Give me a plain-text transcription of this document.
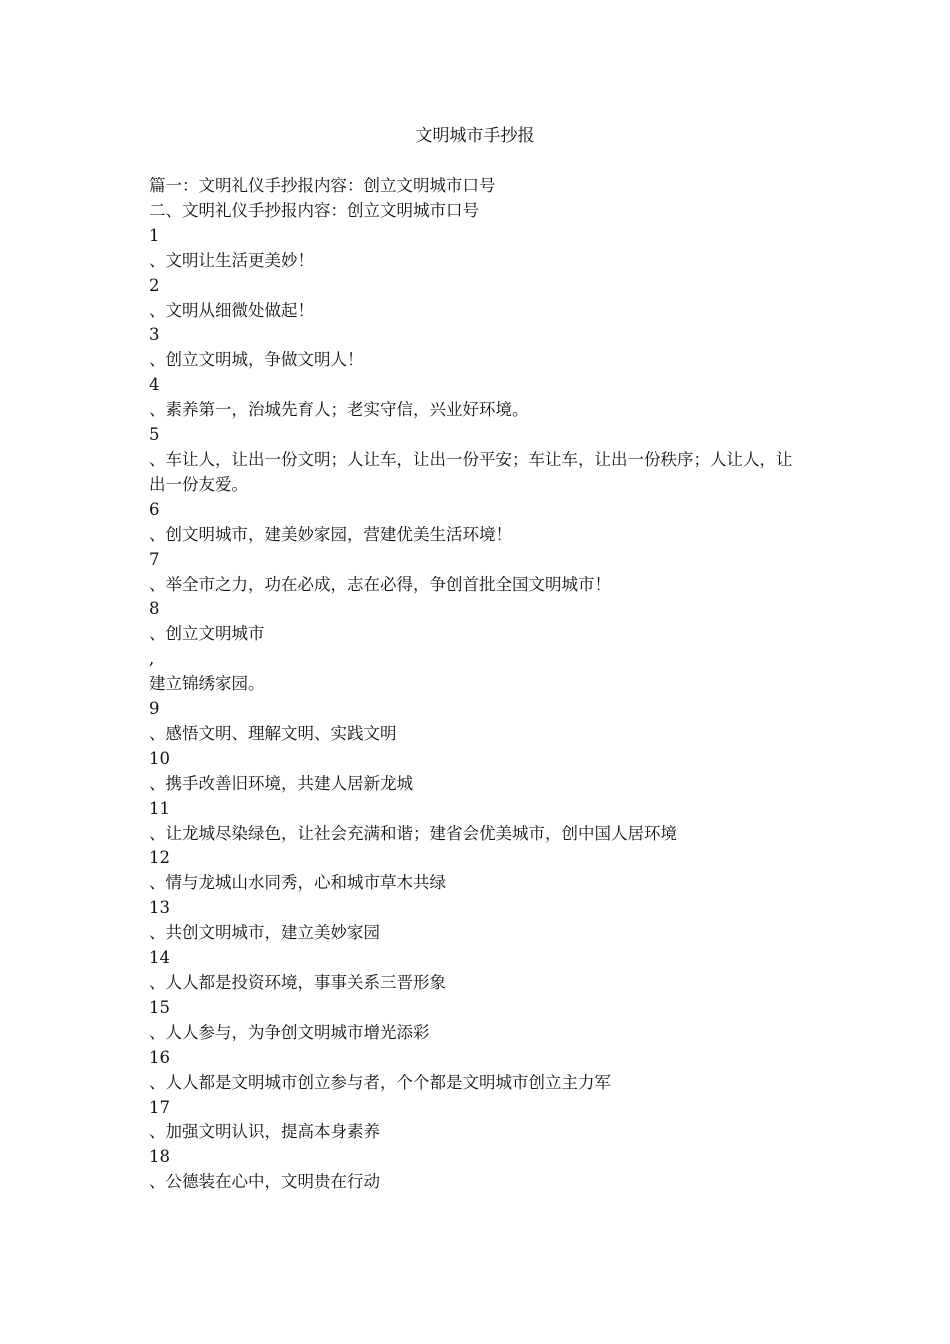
文明城市手抄报
篇一：文明礼仪手抄报内容：创立文明城市口号
二、文明礼仪手抄报内容：创立文明城市口号
1
、文明让生活更美妙！
2
、文明从细微处做起！
3
、创立文明城，争做文明人！
4
、素养第一，治城先育人；老实守信，兴业好环境。
5
、车让人，让出一份文明；人让车，让出一份平安；车让车，让出一份秩序；人让人，让
出一份友爱。
6
、创文明城市，建美妙家园，营建优美生活环境！
7
、举全市之力，功在必成，志在必得，争创首批全国文明城市！
8
、创立文明城市
,
建立锦绣家园。
9
、感悟文明、理解文明、实践文明
10
、携手改善旧环境，共建人居新龙城
11
、让龙城尽染绿色，让社会充满和谐；建省会优美城市，创中国人居环境
12
、情与龙城山水同秀，心和城市草木共绿
13
、共创文明城市，建立美妙家园
14
、人人都是投资环境，事事关系三晋形象
15
、人人参与，为争创文明城市增光添彩
16
、人人都是文明城市创立参与者，个个都是文明城市创立主力军
17
、加强文明认识，提高本身素养
18
、公德装在心中，文明贵在行动
